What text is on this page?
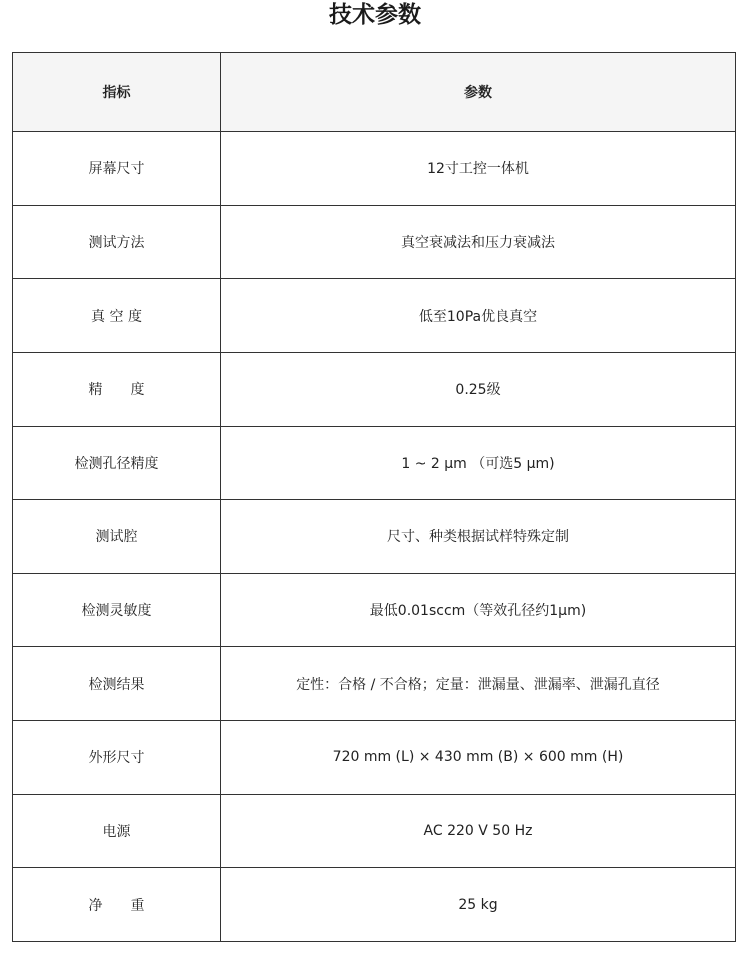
技术参数
指标	参数
屏幕尺寸	12寸工控一体机
测试方法	真空衰减法和压力衰减法
真 空 度	低至10Pa优良真空
精　　度	0.25级
检测孔径精度	1 ~ 2 μm （可选5 μm)
测试腔	尺寸、种类根据试样特殊定制
检测灵敏度	最低0.01sccm（等效孔径约1μm)
检测结果	定性：合格 / 不合格；定量：泄漏量、泄漏率、泄漏孔直径
外形尺寸	720 mm (L) × 430 mm (B) × 600 mm (H)
电源	AC 220 V 50 Hz
净　　重	25 kg
